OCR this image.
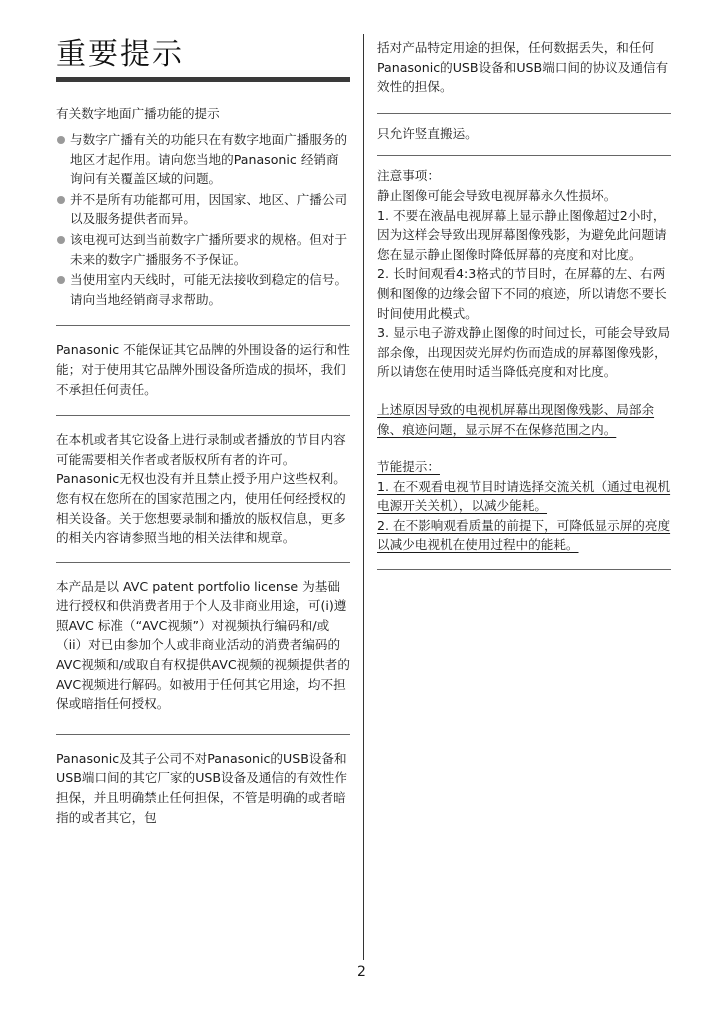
重要提示
有关数字地面广播功能的提示
与数字广播有关的功能只在有数字地面广播服务的地区才起作用。请向您当地的Panasonic 经销商询问有关覆盖区域的问题。
并不是所有功能都可用，因国家、地区、广播公司以及服务提供者而异。
该电视可达到当前数字广播所要求的规格。但对于未来的数字广播服务不予保证。
当使用室内天线时，可能无法接收到稳定的信号。请向当地经销商寻求帮助。

Panasonic 不能保证其它品牌的外围设备的运行和性能；对于使用其它品牌外围设备所造成的损坏，我们不承担任何责任。

在本机或者其它设备上进行录制或者播放的节目内容可能需要相关作者或者版权所有者的许可。Panasonic无权也没有并且禁止授予用户这些权利。您有权在您所在的国家范围之内，使用任何经授权的相关设备。关于您想要录制和播放的版权信息，更多的相关内容请参照当地的相关法律和规章。

本产品是以 AVC patent portfolio license 为基础进行授权和供消费者用于个人及非商业用途，可(i)遵照AVC 标准（“AVC视频”）对视频执行编码和/或（ii）对已由参加个人或非商业活动的消费者编码的AVC视频和/或取自有权提供AVC视频的视频提供者的AVC视频进行解码。如被用于任何其它用途，均不担保或暗指任何授权。

Panasonic及其子公司不对Panasonic的USB设备和USB端口间的其它厂家的USB设备及通信的有效性作担保，并且明确禁止任何担保，不管是明确的或者暗指的或者其它，包

括对产品特定用途的担保，任何数据丢失，和任何Panasonic的USB设备和USB端口间的协议及通信有效性的担保。

只允许竖直搬运。

注意事项：

静止图像可能会导致电视屏幕永久性损坏。

1. 不要在液晶电视屏幕上显示静止图像超过2小时，因为这样会导致出现屏幕图像残影，为避免此问题请您在显示静止图像时降低屏幕的亮度和对比度。

2. 长时间观看4:3格式的节目时，在屏幕的左、右两侧和图像的边缘会留下不同的痕迹，所以请您不要长时间使用此模式。

3. 显示电子游戏静止图像的时间过长，可能会导致局部余像，出现因荧光屏灼伤而造成的屏幕图像残影，所以请您在使用时适当降低亮度和对比度。

上述原因导致的电视机屏幕出现图像残影、局部余像、痕迹问题，显示屏不在保修范围之内。

节能提示：

1. 在不观看电视节目时请选择交流关机（通过电视机电源开关关机），以减少能耗。

2. 在不影响观看质量的前提下，可降低显示屏的亮度以减少电视机在使用过程中的能耗。

2
